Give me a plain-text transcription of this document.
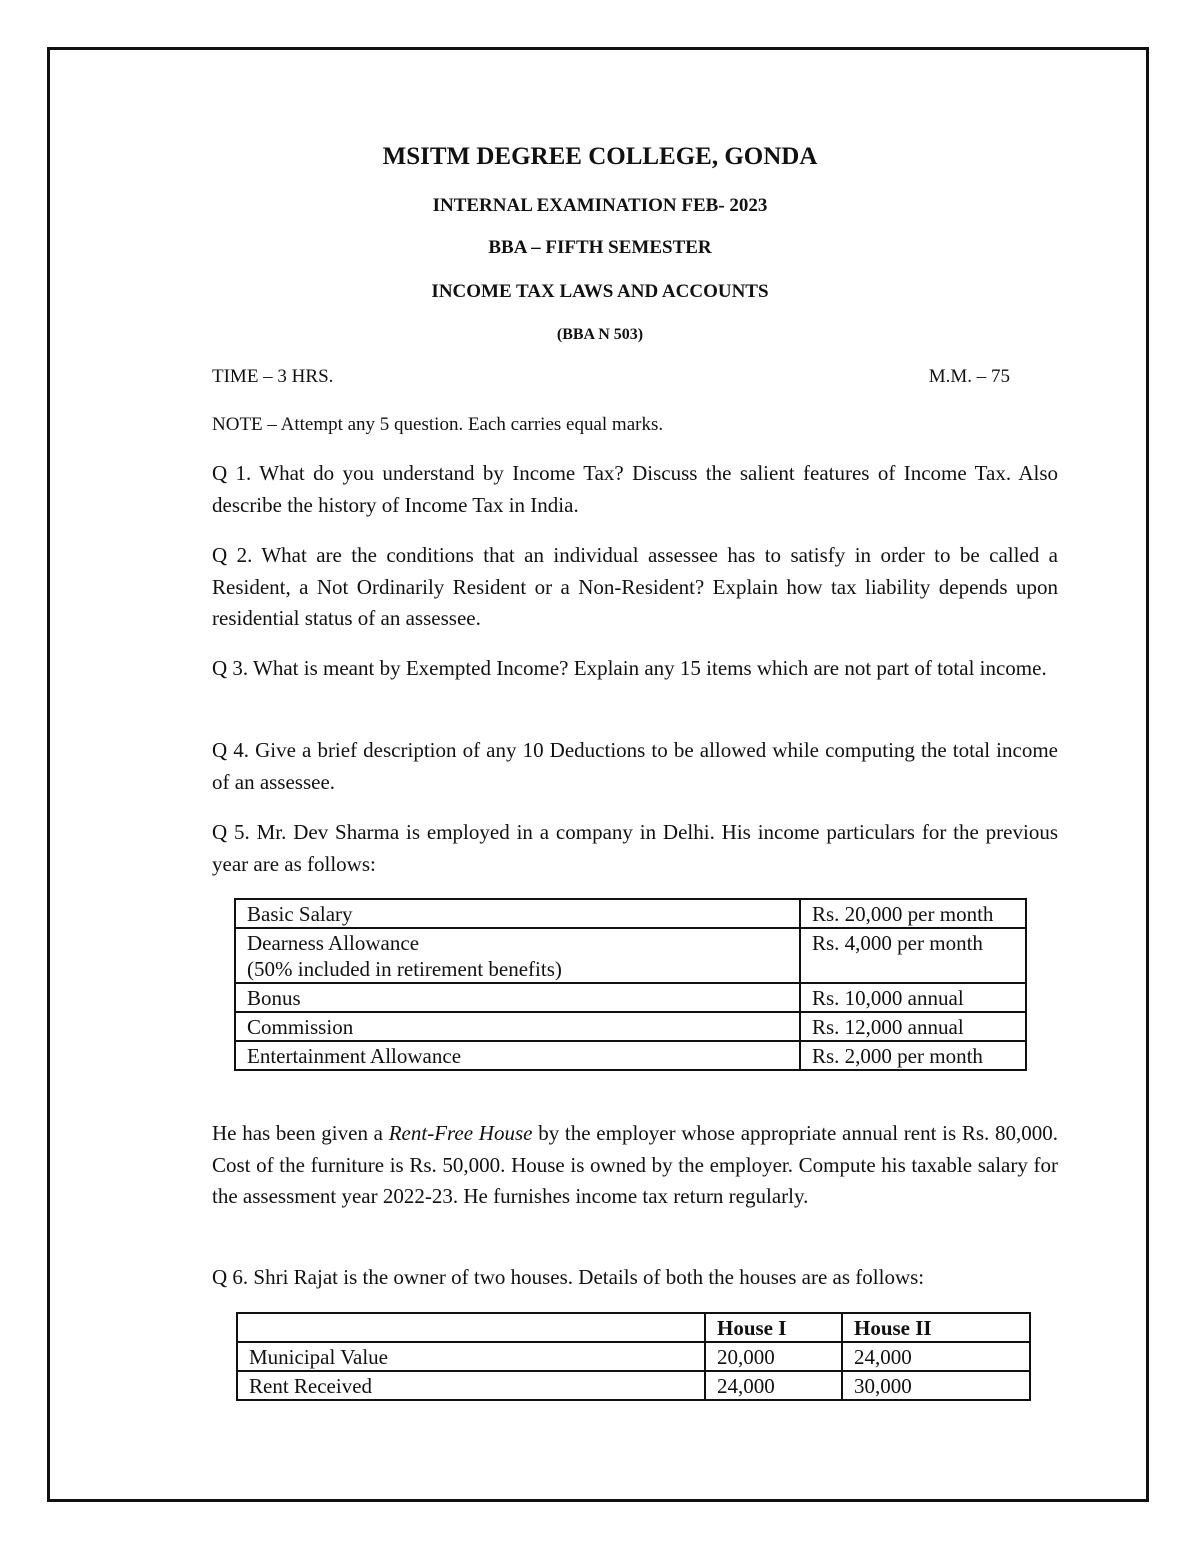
MSITM DEGREE COLLEGE, GONDA
INTERNAL EXAMINATION FEB- 2023
BBA – FIFTH SEMESTER
INCOME TAX LAWS AND ACCOUNTS
(BBA N 503)
TIME – 3 HRS.	M.M. – 75
NOTE – Attempt any 5 question. Each carries equal marks.
Q 1. What do you understand by Income Tax? Discuss the salient features of Income Tax. Also describe the history of Income Tax in India.
Q 2. What are the conditions that an individual assessee has to satisfy in order to be called a Resident, a Not Ordinarily Resident or a Non-Resident? Explain how tax liability depends upon residential status of an assessee.
Q 3. What is meant by Exempted Income? Explain any 15 items which are not part of total income.
Q 4. Give a brief description of any 10 Deductions to be allowed while computing the total income of an assessee.
Q 5. Mr. Dev Sharma is employed in a company in Delhi. His income particulars for the previous year are as follows:
Basic Salary	Rs. 20,000 per month

Dearness Allowance
(50% included in retirement benefits)	Rs. 4,000 per month
Bonus	Rs. 10,000 annual
Commission	Rs. 12,000 annual
Entertainment Allowance	Rs. 2,000 per month
He has been given a Rent-Free House by the employer whose appropriate annual rent is Rs. 80,000. Cost of the furniture is Rs. 50,000. House is owned by the employer. Compute his taxable salary for the assessment year 2022-23. He furnishes income tax return regularly.
Q 6. Shri Rajat is the owner of two houses. Details of both the houses are as follows:
	House I	House II
Municipal Value	20,000	24,000
Rent Received	24,000	30,000
